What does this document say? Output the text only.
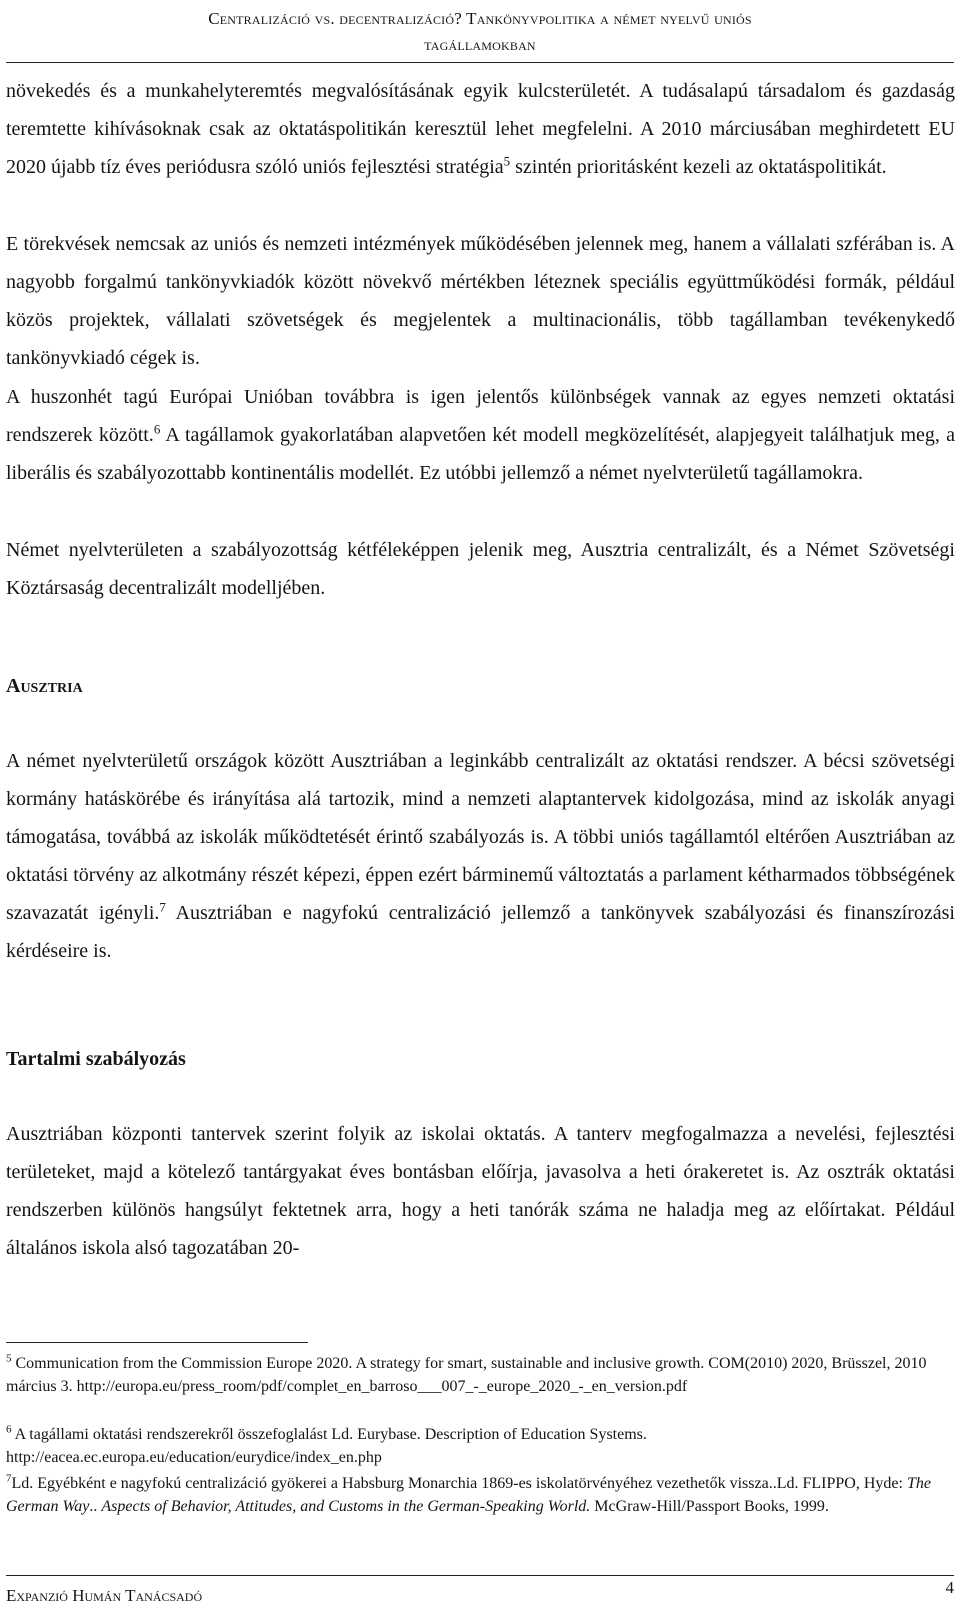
Centralizáció vs. decentralizáció? Tankönyvpolitika a német nyelvű uniós
tagállamokban

növekedés és a munkahelyteremtés megvalósításának egyik kulcsterületét. A tudásalapú társadalom és gazdaság teremtette kihívásoknak csak az oktatáspolitikán keresztül lehet megfelelni. A 2010 márciusában meghirdetett EU 2020 újabb tíz éves periódusra szóló uniós fejlesztési stratégia$^5$ szintén prioritásként kezeli az oktatáspolitikát.

E törekvések nemcsak az uniós és nemzeti intézmények működésében jelennek meg, hanem a vállalati szférában is. A nagyobb forgalmú tankönyvkiadók között növekvő mértékben léteznek speciális együttműködési formák, például közös projektek, vállalati szövetségek és megjelentek a multinacionális, több tagállamban tevékenykedő tankönyvkiadó cégek is.

A huszonhét tagú Európai Unióban továbbra is igen jelentős különbségek vannak az egyes nemzeti oktatási rendszerek között.$^6$ A tagállamok gyakorlatában alapvetően két modell megközelítését, alapjegyeit találhatjuk meg, a liberális és szabályozottabb kontinentális modellét. Ez utóbbi jellemző a német nyelvterületű tagállamokra.

Német nyelvterületen a szabályozottság kétféleképpen jelenik meg, Ausztria centralizált, és a Német Szövetségi Köztársaság decentralizált modelljében.

Ausztria

A német nyelvterületű országok között Ausztriában a leginkább centralizált az oktatási rendszer. A bécsi szövetségi kormány hatáskörébe és irányítása alá tartozik, mind a nemzeti alaptantervek kidolgozása, mind az iskolák anyagi támogatása, továbbá az iskolák működtetését érintő szabályozás is. A többi uniós tagállamtól eltérően Ausztriában az oktatási törvény az alkotmány részét képezi, éppen ezért bárminemű változtatás a parlament kétharmados többségének szavazatát igényli.$^7$ Ausztriában e nagyfokú centralizáció jellemző a tankönyvek szabályozási és finanszírozási kérdéseire is.

Tartalmi szabályozás

Ausztriában központi tantervek szerint folyik az iskolai oktatás. A tanterv megfogalmazza a nevelési, fejlesztési területeket, majd a kötelező tantárgyakat éves bontásban előírja, javasolva a heti órakeretet is. Az osztrák oktatási rendszerben különös hangsúlyt fektetnek arra, hogy a heti tanórák száma ne haladja meg az előírtakat. Például általános iskola alsó tagozatában 20-

$^5$ Communication from the Commission Europe 2020. A strategy for smart, sustainable and inclusive growth. COM(2010) 2020, Brüsszel, 2010 március 3. http://europa.eu/press_room/pdf/complet_en_barroso___007_-_europe_2020_-_en_version.pdf

$^6$ A tagállami oktatási rendszerekről összefoglalást Ld. Eurybase. Description of Education Systems. http://eacea.ec.europa.eu/education/eurydice/index_en.php

$^7$Ld. Egyébként e nagyfokú centralizáció gyökerei a Habsburg Monarchia 1869-es iskolatörvényéhez vezethetők vissza..Ld. FLIPPO, Hyde: The German Way.. Aspects of Behavior, Attitudes, and Customs in the German-Speaking World. McGraw-Hill/Passport Books, 1999.

Expanzió Humán Tanácsadó	4
